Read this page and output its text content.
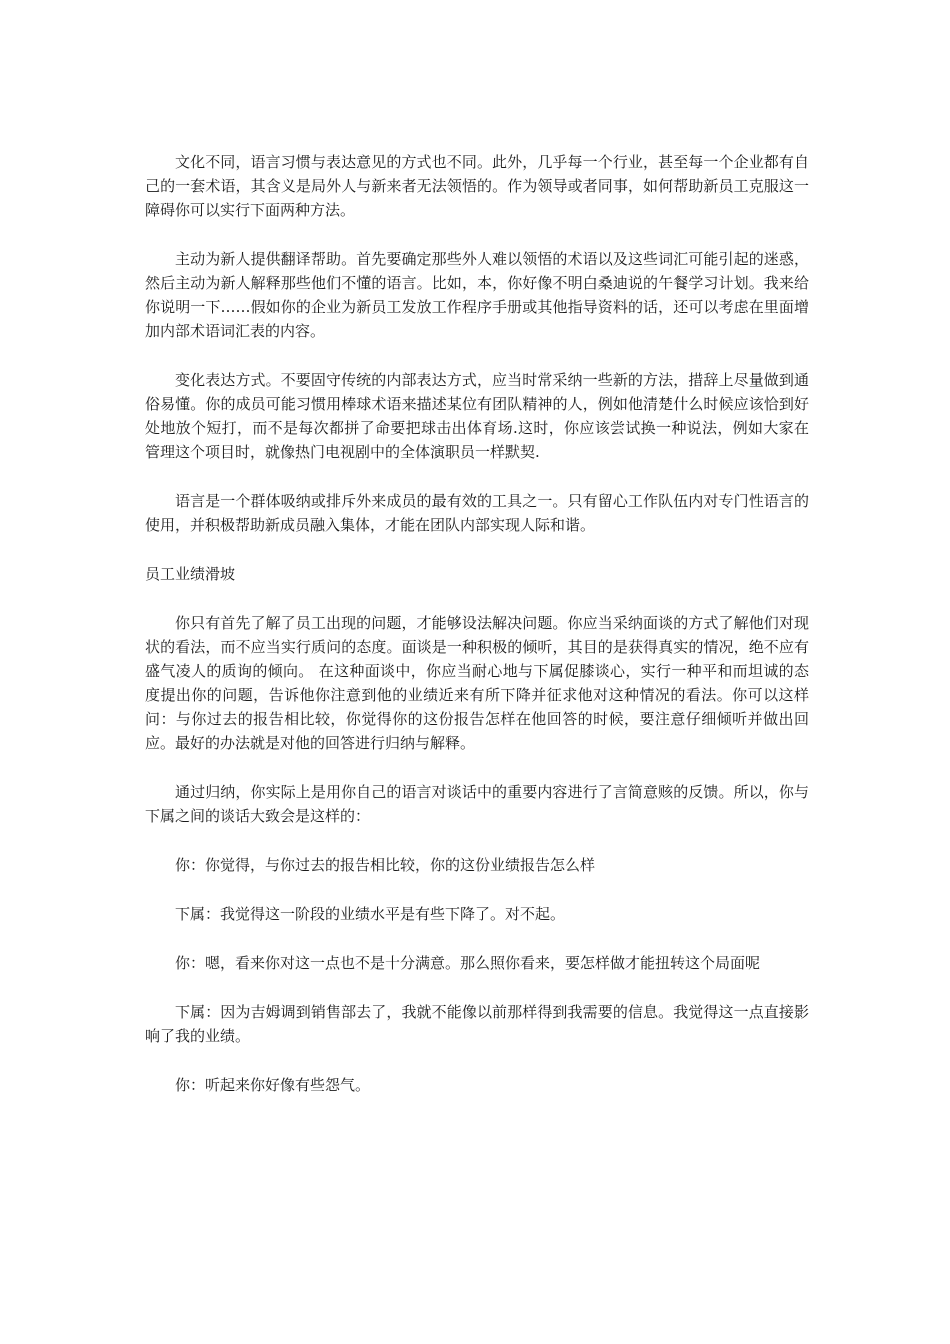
文化不同，语言习惯与表达意见的方式也不同。此外，几乎每一个行业，甚至每一个企业都有自己的一套术语，其含义是局外人与新来者无法领悟的。作为领导或者同事，如何帮助新员工克服这一障碍你可以实行下面两种方法。

主动为新人提供翻译帮助。首先要确定那些外人难以领悟的术语以及这些词汇可能引起的迷惑，然后主动为新人解释那些他们不懂的语言。比如，本，你好像不明白桑迪说的午餐学习计划。我来给你说明一下……假如你的企业为新员工发放工作程序手册或其他指导资料的话，还可以考虑在里面增加内部术语词汇表的内容。

变化表达方式。不要固守传统的内部表达方式，应当时常采纳一些新的方法，措辞上尽量做到通俗易懂。你的成员可能习惯用棒球术语来描述某位有团队精神的人，例如他清楚什么时候应该恰到好处地放个短打，而不是每次都拼了命要把球击出体育场.这时，你应该尝试换一种说法，例如大家在管理这个项目时，就像热门电视剧中的全体演职员一样默契.

语言是一个群体吸纳或排斥外来成员的最有效的工具之一。只有留心工作队伍内对专门性语言的使用，并积极帮助新成员融入集体，才能在团队内部实现人际和谐。

员工业绩滑坡

你只有首先了解了员工出现的问题，才能够设法解决问题。你应当采纳面谈的方式了解他们对现状的看法，而不应当实行质问的态度。面谈是一种积极的倾听，其目的是获得真实的情况，绝不应有盛气凌人的质询的倾向。 在这种面谈中，你应当耐心地与下属促膝谈心，实行一种平和而坦诚的态度提出你的问题，告诉他你注意到他的业绩近来有所下降并征求他对这种情况的看法。你可以这样问：与你过去的报告相比较，你觉得你的这份报告怎样在他回答的时候，要注意仔细倾听并做出回应。最好的办法就是对他的回答进行归纳与解释。

通过归纳，你实际上是用你自己的语言对谈话中的重要内容进行了言简意赅的反馈。所以，你与下属之间的谈话大致会是这样的：

你：你觉得，与你过去的报告相比较，你的这份业绩报告怎么样

下属：我觉得这一阶段的业绩水平是有些下降了。对不起。

你：嗯，看来你对这一点也不是十分满意。那么照你看来，要怎样做才能扭转这个局面呢

下属：因为吉姆调到销售部去了，我就不能像以前那样得到我需要的信息。我觉得这一点直接影响了我的业绩。

你：听起来你好像有些怨气。
